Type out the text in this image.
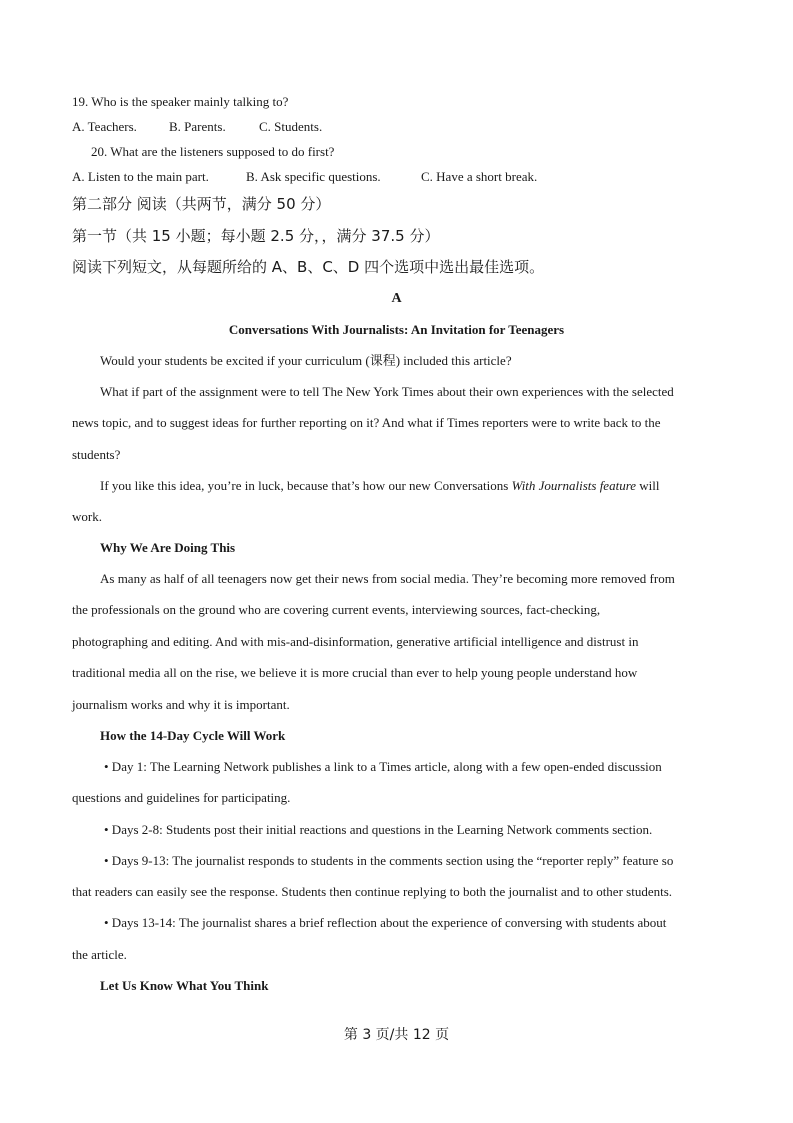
19. Who is the speaker mainly talking to?
A. Teachers. B. Parents.	C. Students.
20. What are the listeners supposed to do first?
A. Listen to the main part.	B. Ask specific questions.	C. Have a short break.
第二部分 阅读（共两节，满分 50 分）
第一节（共 15 小题；每小题 2.5 分，，满分 37.5 分）
阅读下列短文，从每题所给的 A、B、C、D 四个选项中选出最佳选项。
A
Conversations With Journalists: An Invitation for Teenagers
Would your students be excited if your curriculum (课程) included this article?
What if part of the assignment were to tell The New York Times about their own experiences with the selected
news topic, and to suggest ideas for further reporting on it? And what if Times reporters were to write back to the
students?
If you like this idea, you’re in luck, because that’s how our new Conversations With Journalists feature will
work.
Why We Are Doing This
As many as half of all teenagers now get their news from social media. They’re becoming more removed from
the professionals on the ground who are covering current events, interviewing sources, fact-checking,
photographing and editing. And with mis-and-disinformation, generative artificial intelligence and distrust in
traditional media all on the rise, we believe it is more crucial than ever to help young people understand how
journalism works and why it is important.
How the 14-Day Cycle Will Work
• Day 1: The Learning Network publishes a link to a Times article, along with a few open-ended discussion
questions and guidelines for participating.
• Days 2-8: Students post their initial reactions and questions in the Learning Network comments section.
• Days 9-13: The journalist responds to students in the comments section using the “reporter reply” feature so
that readers can easily see the response. Students then continue replying to both the journalist and to other students.
• Days 13-14: The journalist shares a brief reflection about the experience of conversing with students about
the article.
Let Us Know What You Think
第 3 页/共 12 页
